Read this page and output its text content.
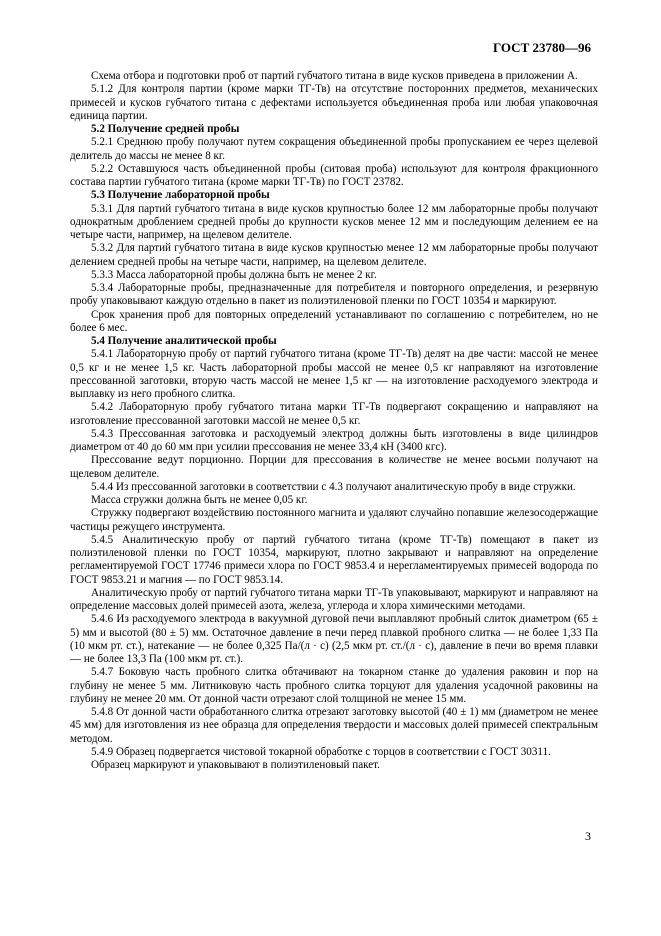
ГОСТ 23780—96

Схема отбора и подготовки проб от партий губчатого титана в виде кусков приведена в приложении А.

5.1.2 Для контроля партии (кроме марки ТГ-Тв) на отсутствие посторонних предметов, механических примесей и кусков губчатого титана с дефектами используется объединенная проба или любая упаковочная единица партии.

5.2 Получение средней пробы

5.2.1 Среднюю пробу получают путем сокращения объединенной пробы пропусканием ее через щелевой делитель до массы не менее 8 кг.

5.2.2 Оставшуюся часть объединенной пробы (ситовая проба) используют для контроля фракционного состава партии губчатого титана (кроме марки ТГ-Тв) по ГОСТ 23782.

5.3 Получение лабораторной пробы

5.3.1 Для партий губчатого титана в виде кусков крупностью более 12 мм лабораторные пробы получают однократным дроблением средней пробы до крупности кусков менее 12 мм и последующим делением ее на четыре части, например, на щелевом делителе.

5.3.2 Для партий губчатого титана в виде кусков крупностью менее 12 мм лабораторные пробы получают делением средней пробы на четыре части, например, на щелевом делителе.

5.3.3 Масса лабораторной пробы должна быть не менее 2 кг.

5.3.4 Лабораторные пробы, предназначенные для потребителя и повторного определения, и резервную пробу упаковывают каждую отдельно в пакет из полиэтиленовой пленки по ГОСТ 10354 и маркируют.

Срок хранения проб для повторных определений устанавливают по соглашению с потребителем, но не более 6 мес.

5.4 Получение аналитической пробы

5.4.1 Лабораторную пробу от партий губчатого титана (кроме ТГ-Тв) делят на две части: массой не менее 0,5 кг и не менее 1,5 кг. Часть лабораторной пробы массой не менее 0,5 кг направляют на изготовление прессованной заготовки, вторую часть массой не менее 1,5 кг — на изготовление расходуемого электрода и выплавку из него пробного слитка.

5.4.2 Лабораторную пробу губчатого титана марки ТГ-Тв подвергают сокращению и направляют на изготовление прессованной заготовки массой не менее 0,5 кг.

5.4.3 Прессованная заготовка и расходуемый электрод должны быть изготовлены в виде цилиндров диаметром от 40 до 60 мм при усилии прессования не менее 33,4 кН (3400 кгс).

Прессование ведут порционно. Порции для прессования в количестве не менее восьми получают на щелевом делителе.

5.4.4 Из прессованной заготовки в соответствии с 4.3 получают аналитическую пробу в виде стружки.

Масса стружки должна быть не менее 0,05 кг.

Стружку подвергают воздействию постоянного магнита и удаляют случайно попавшие железосодержащие частицы режущего инструмента.

5.4.5 Аналитическую пробу от партий губчатого титана (кроме ТГ-Тв) помещают в пакет из полиэтиленовой пленки по ГОСТ 10354, маркируют, плотно закрывают и направляют на определение регламентируемой ГОСТ 17746 примеси хлора по ГОСТ 9853.4 и нерегламентируемых примесей водорода по ГОСТ 9853.21 и магния — по ГОСТ 9853.14.

Аналитическую пробу от партий губчатого титана марки ТГ-Тв упаковывают, маркируют и направляют на определение массовых долей примесей азота, железа, углерода и хлора химическими методами.

5.4.6 Из расходуемого электрода в вакуумной дуговой печи выплавляют пробный слиток диаметром (65 ± 5) мм и высотой (80 ± 5) мм. Остаточное давление в печи перед плавкой пробного слитка — не более 1,33 Па (10 мкм рт. ст.), натекание — не более 0,325 Па/(л · с) (2,5 мкм рт. ст./(л · с), давление в печи во время плавки — не более 13,3 Па (100 мкм рт. ст.).

5.4.7 Боковую часть пробного слитка обтачивают на токарном станке до удаления раковин и пор на глубину не менее 5 мм. Литниковую часть пробного слитка торцуют для удаления усадочной раковины на глубину не менее 20 мм. От донной части отрезают слой толщиной не менее 15 мм.

5.4.8 От донной части обработанного слитка отрезают заготовку высотой (40 ± 1) мм (диаметром не менее 45 мм) для изготовления из нее образца для определения твердости и массовых долей примесей спектральным методом.

5.4.9 Образец подвергается чистовой токарной обработке с торцов в соответствии с ГОСТ 30311.

Образец маркируют и упаковывают в полиэтиленовый пакет.

3
